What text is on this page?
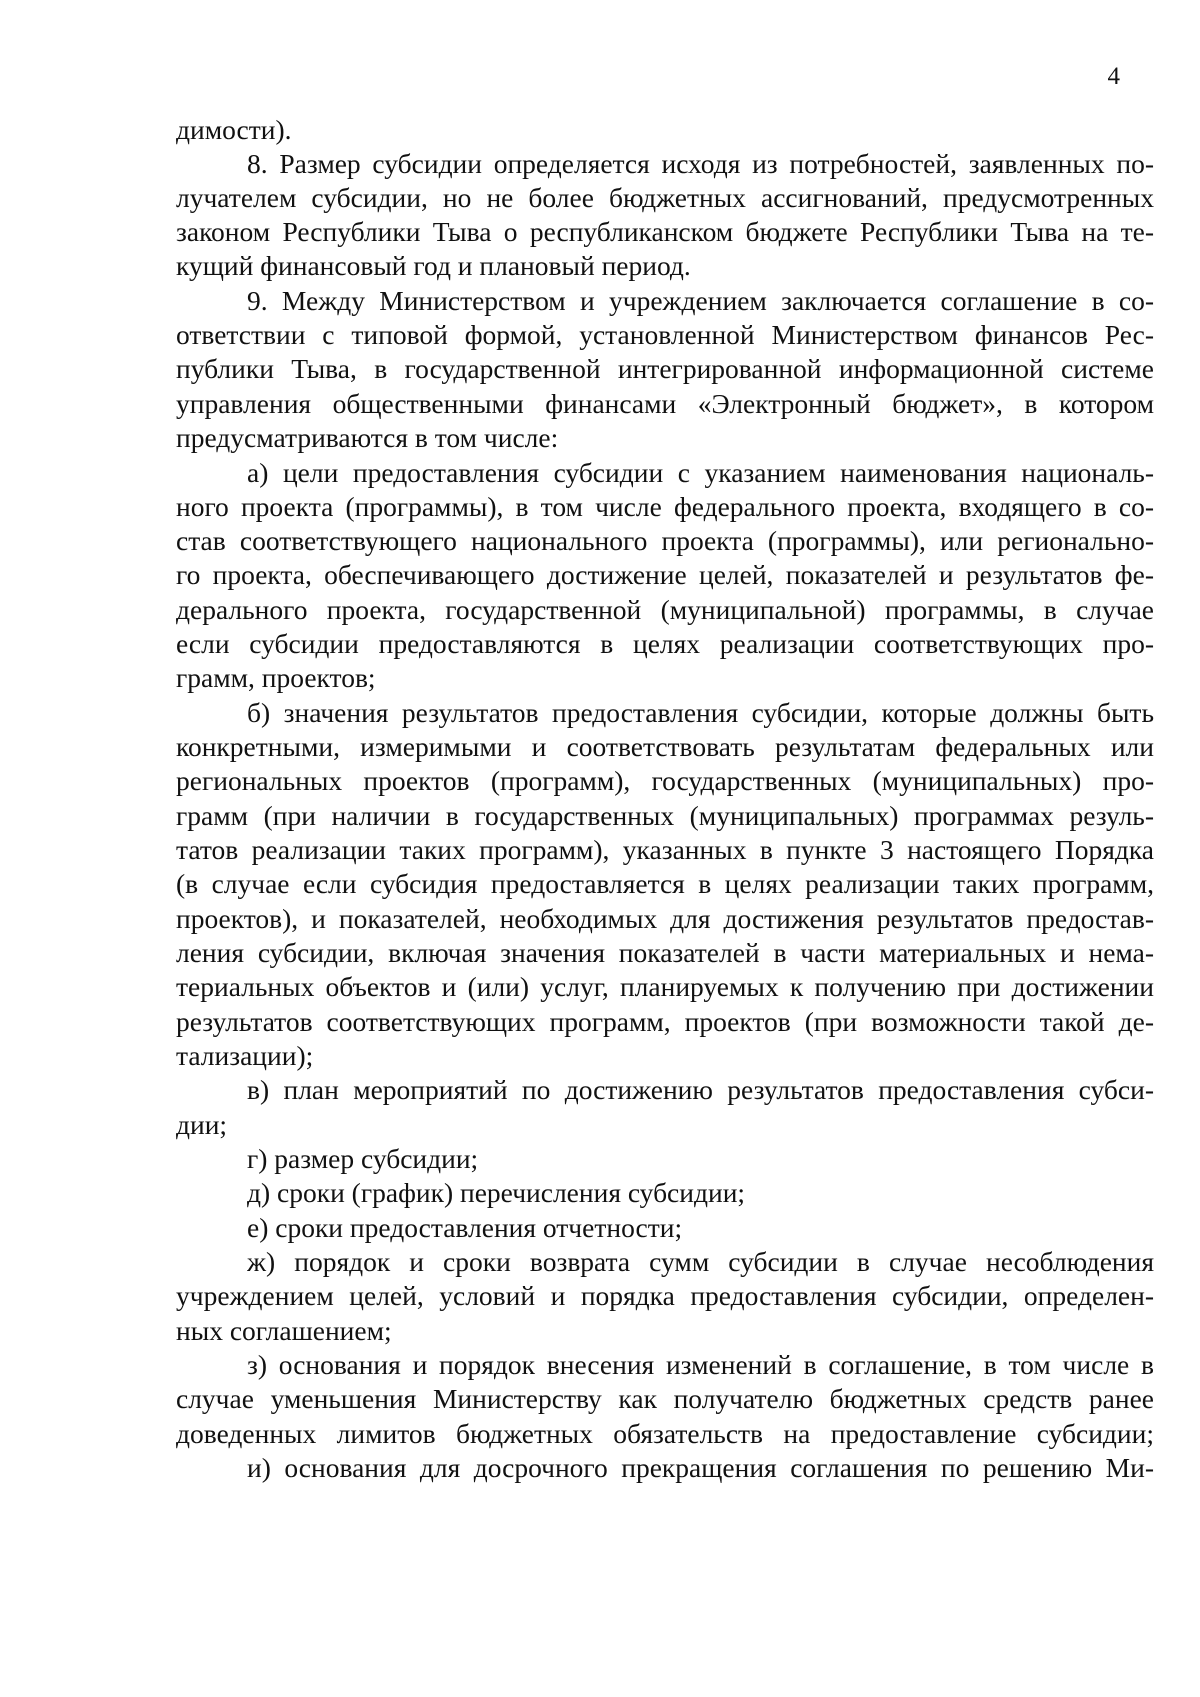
4
димости).
8. Размер субсидии определяется исходя из потребностей, заявленных по-
лучателем субсидии, но не более бюджетных ассигнований, предусмотренных
законом Республики Тыва о республиканском бюджете Республики Тыва на те-
кущий финансовый год и плановый период.
9. Между Министерством и учреждением заключается соглашение в со-
ответствии с типовой формой, установленной Министерством финансов Рес-
публики Тыва, в государственной интегрированной информационной системе
управления общественными финансами «Электронный бюджет», в котором
предусматриваются в том числе:
а) цели предоставления субсидии с указанием наименования националь-
ного проекта (программы), в том числе федерального проекта, входящего в со-
став соответствующего национального проекта (программы), или регионально-
го проекта, обеспечивающего достижение целей, показателей и результатов фе-
дерального проекта, государственной (муниципальной) программы, в случае
если субсидии предоставляются в целях реализации соответствующих про-
грамм, проектов;
б) значения результатов предоставления субсидии, которые должны быть
конкретными, измеримыми и соответствовать результатам федеральных или
региональных проектов (программ), государственных (муниципальных) про-
грамм (при наличии в государственных (муниципальных) программах резуль-
татов реализации таких программ), указанных в пункте 3 настоящего Порядка
(в случае если субсидия предоставляется в целях реализации таких программ,
проектов), и показателей, необходимых для достижения результатов предостав-
ления субсидии, включая значения показателей в части материальных и нема-
териальных объектов и (или) услуг, планируемых к получению при достижении
результатов соответствующих программ, проектов (при возможности такой де-
тализации);
в) план мероприятий по достижению результатов предоставления субси-
дии;
г) размер субсидии;
д) сроки (график) перечисления субсидии;
е) сроки предоставления отчетности;
ж) порядок и сроки возврата сумм субсидии в случае несоблюдения
учреждением целей, условий и порядка предоставления субсидии, определен-
ных соглашением;
з) основания и порядок внесения изменений в соглашение, в том числе в
случае уменьшения Министерству как получателю бюджетных средств ранее
доведенных лимитов бюджетных обязательств на предоставление субсидии;
и) основания для досрочного прекращения соглашения по решению Ми-
